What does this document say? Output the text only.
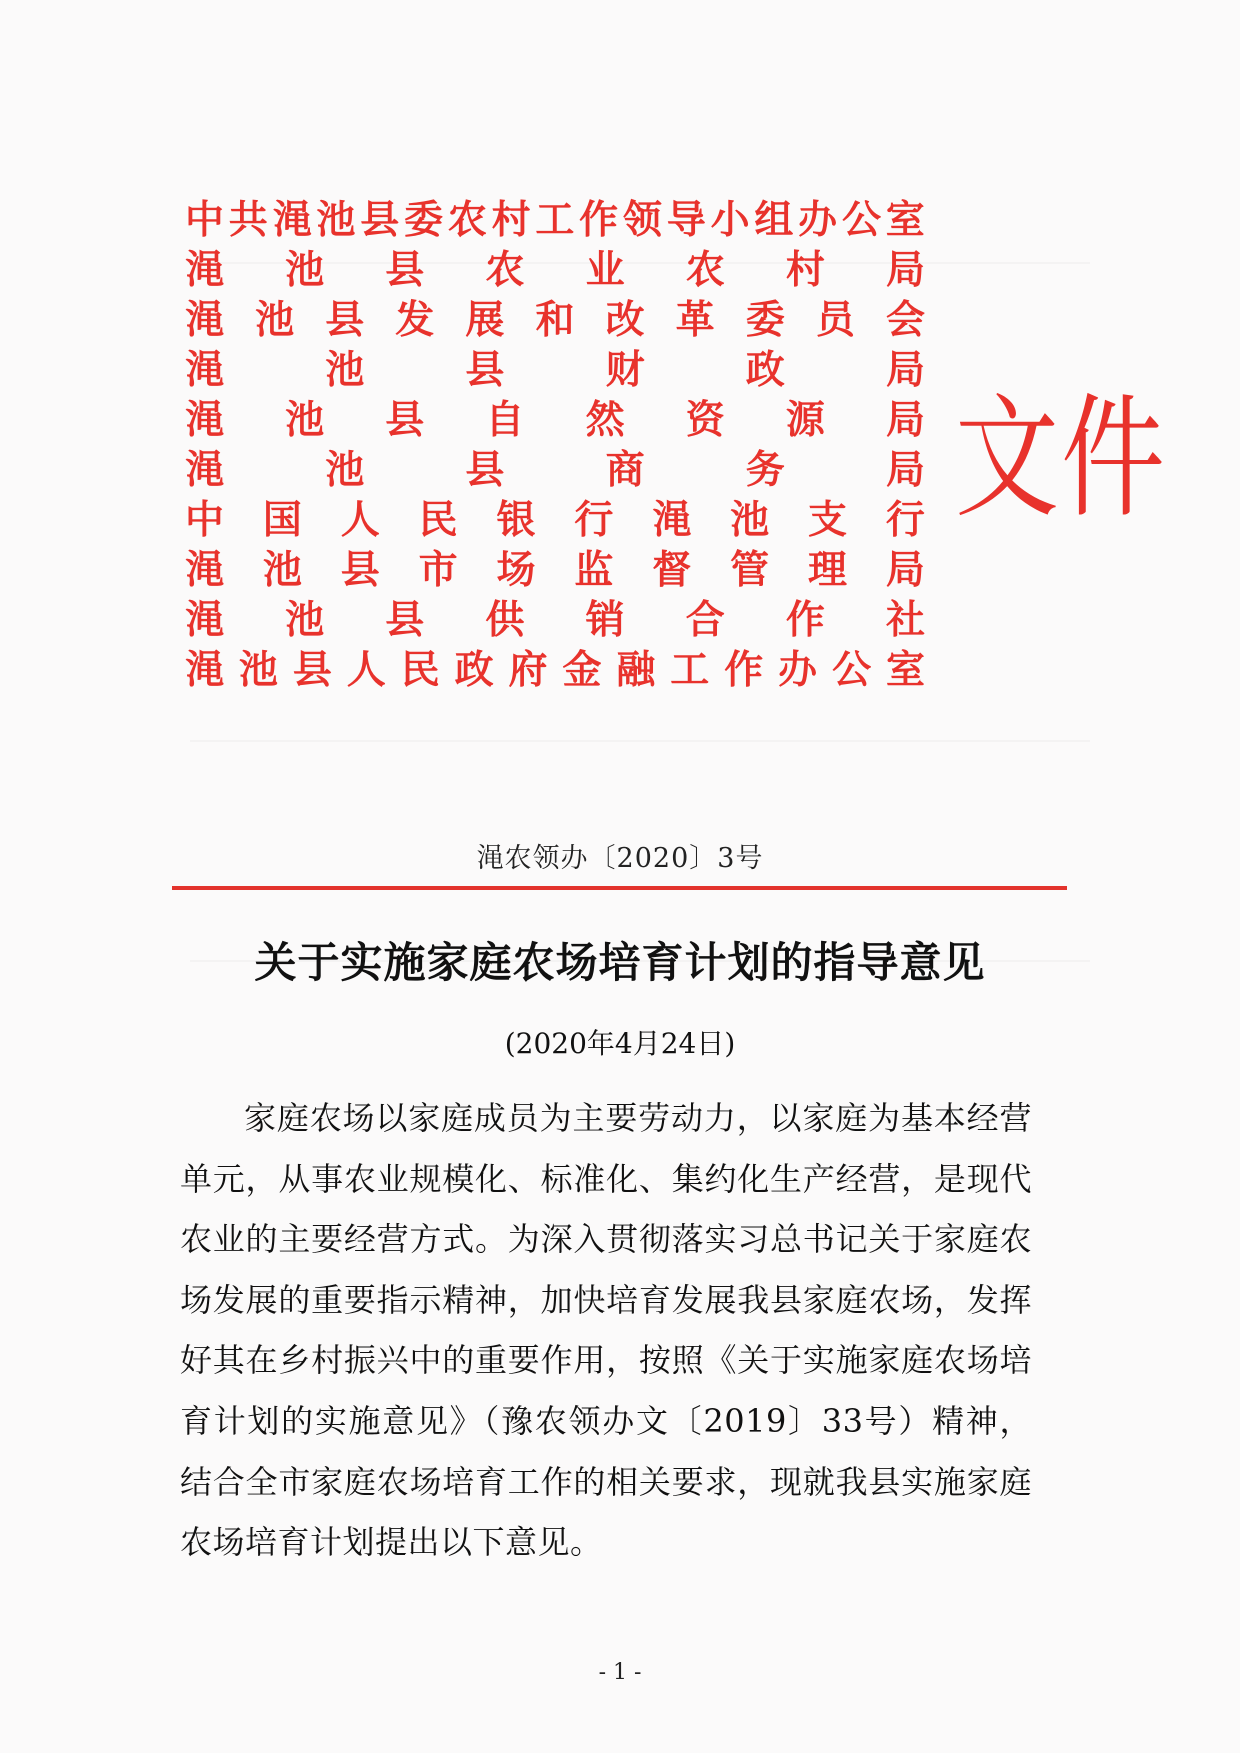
中 共 渑 池 县 委 农 村 工 作 领 导 小 组 办 公 室
渑 池 县 农 业 农 村 局
渑 池 县 发 展 和 改 革 委 员 会
渑	池	县	财	政	局
渑 池 县 自 然 资 源 局
渑	池	县	商	务	局
中 国 人 民 银 行 渑 池 支 行
渑 池 县 市 场 监 督 管 理 局
渑 池 县 供 销 合 作 社
渑 池 县 人 民 政 府 金 融 工 作 办 公 室
文件
渑农领办〔2020〕3号
关于实施家庭农场培育计划的指导意见
(2020年4月24日)

家庭农场以家庭成员为主要劳动力，以家庭为基本经营单元，从事农业规模化、标准化、集约化生产经营，是现代农业的主要经营方式。为深入贯彻落实习总书记关于家庭农场发展的重要指示精神，加快培育发展我县家庭农场，发挥好其在乡村振兴中的重要作用，按照《关于实施家庭农场培育计划的实施意见》（豫农领办文〔2019〕33号）精神，结合全市家庭农场培育工作的相关要求，现就我县实施家庭农场培育计划提出以下意见。

- 1 -
